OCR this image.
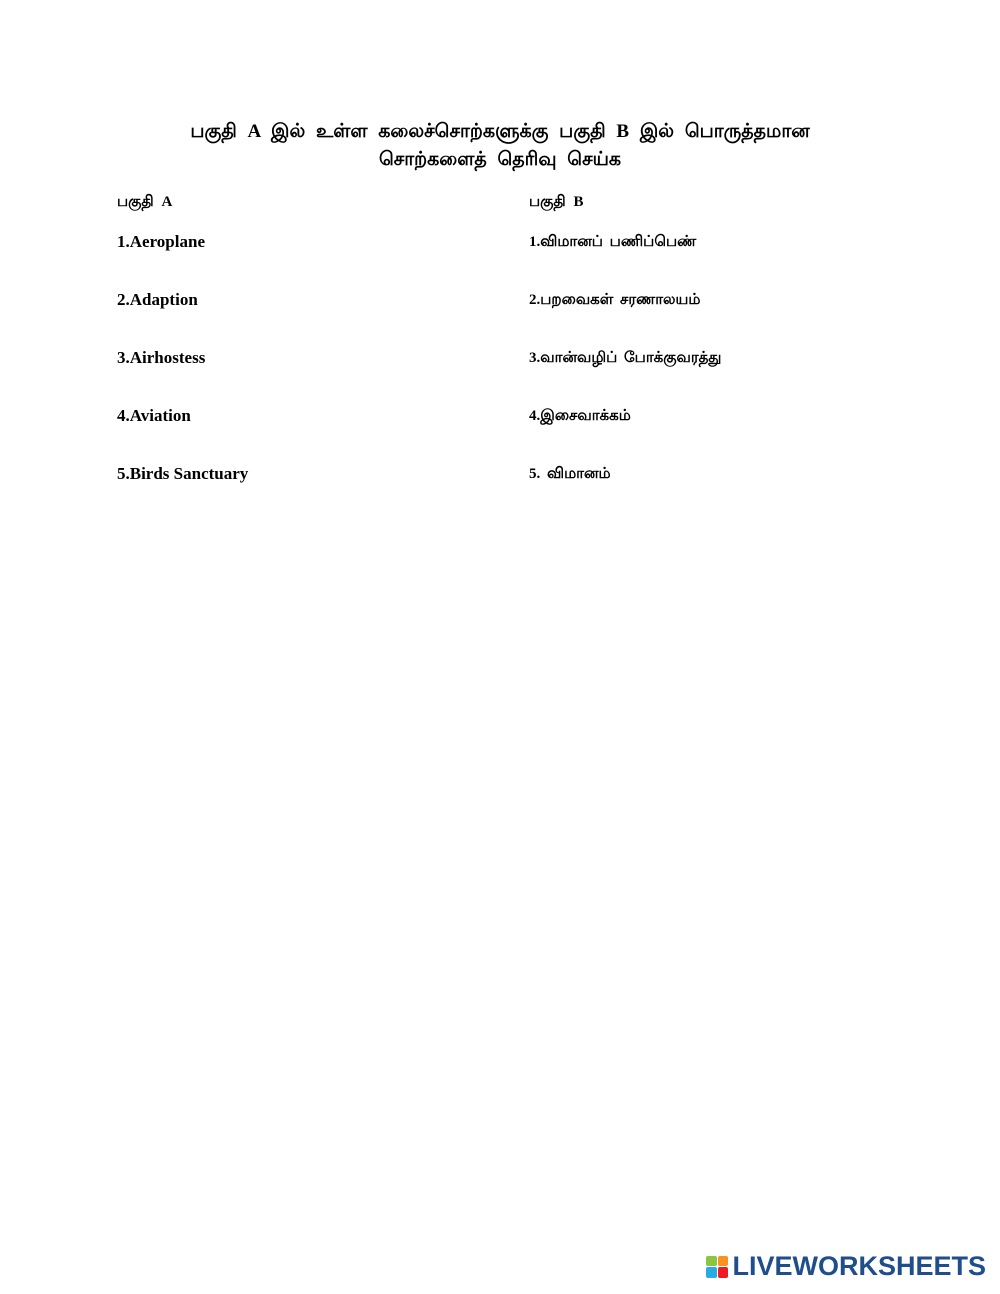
பகுதி A இல் உள்ள கலைச்சொற்களுக்கு பகுதி B இல் பொருத்தமான
சொற்களைத் தெரிவு செய்க
பகுதி A
1.Aeroplane
2.Adaption
3.Airhostess
4.Aviation
5.Birds Sanctuary
பகுதி B
1.விமானப் பணிப்பெண்
2.பறவைகள் சரணாலயம்
3.வான்வழிப் போக்குவரத்து
4.இசைவாக்கம்
5. விமானம்
LIVEWORKSHEETS
